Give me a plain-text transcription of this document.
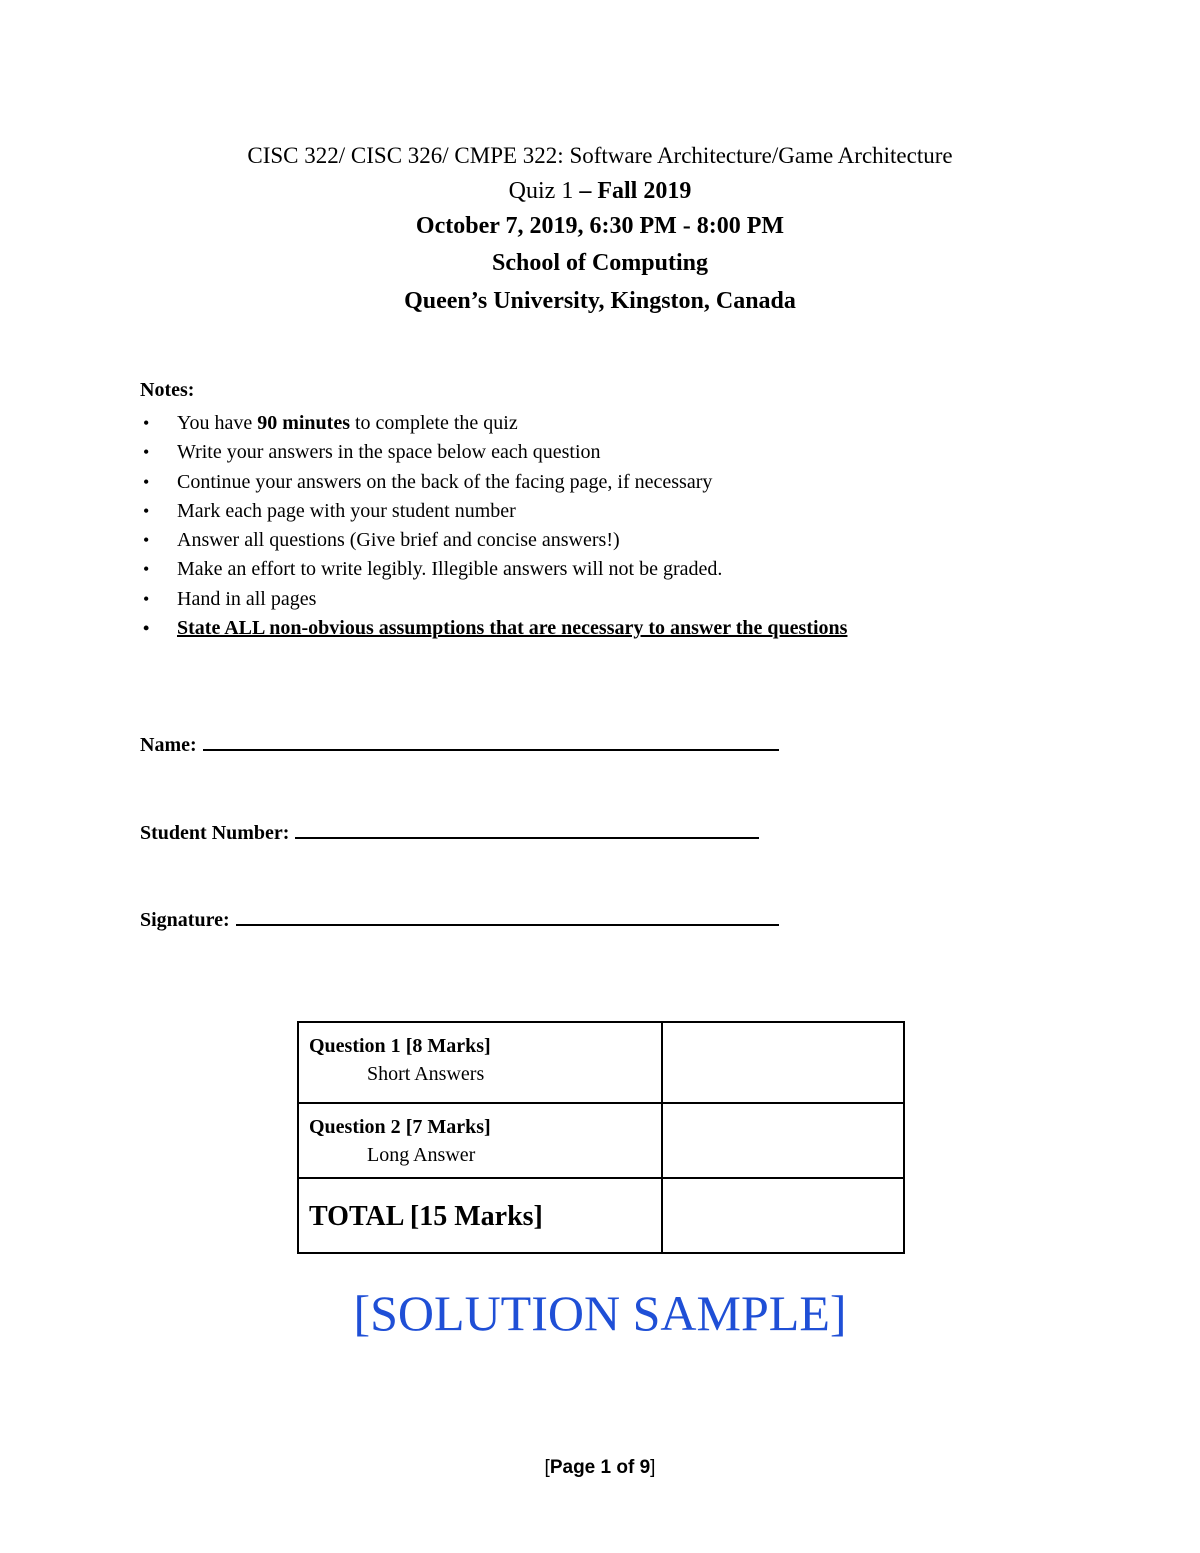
CISC 322/ CISC 326/ CMPE 322: Software Architecture/Game Architecture
Quiz 1 – Fall 2019
October 7, 2019, 6:30 PM - 8:00 PM
School of Computing
Queen’s University, Kingston, Canada
Notes:
• You have 90 minutes to complete the quiz
• Write your answers in the space below each question
• Continue your answers on the back of the facing page, if necessary
• Mark each page with your student number
• Answer all questions (Give brief and concise answers!)
• Make an effort to write legibly. Illegible answers will not be graded.
• Hand in all pages
• State ALL non-obvious assumptions that are necessary to answer the questions
Name:
Student Number:
Signature:
Question 1 [8 Marks]
Short Answers	

Question 2 [7 Marks]
Long Answer	

TOTAL [15 Marks]	

[SOLUTION SAMPLE]
[Page 1 of 9]
